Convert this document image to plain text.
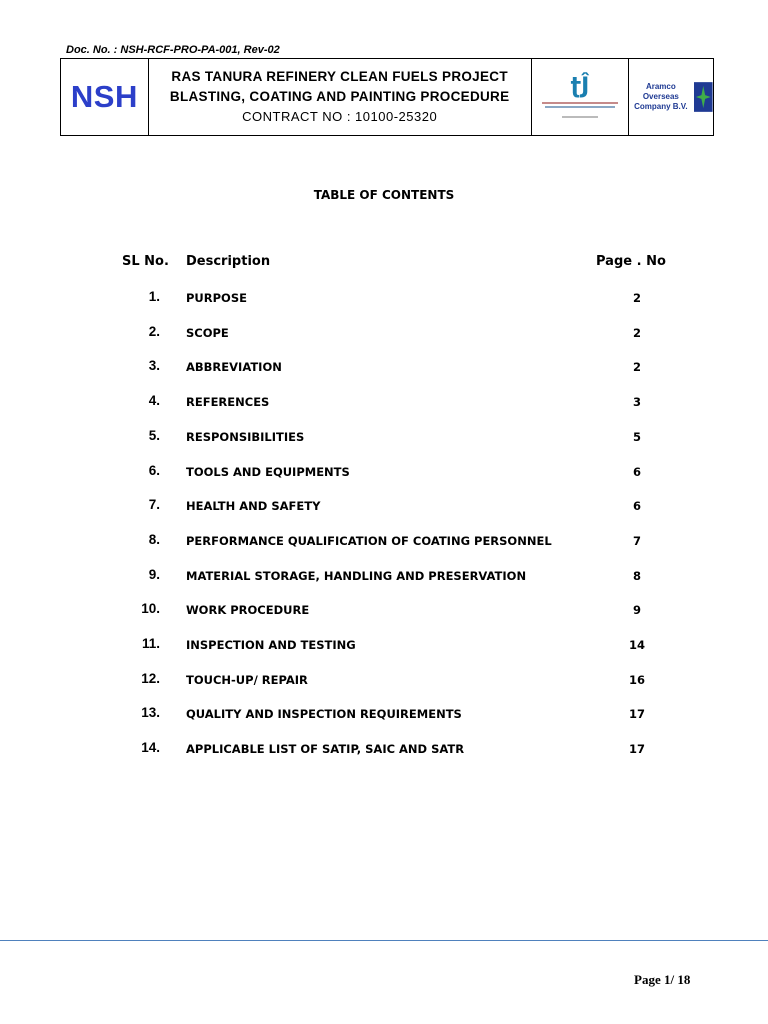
Doc. No. : NSH-RCF-PRO-PA-001, Rev-02
NSH
RAS TANURA REFINERY CLEAN FUELS PROJECT
BLASTING, COATING AND PAINTING PROCEDURE
CONTRACT NO : 10100-25320
ʈĴ	Aramco Overseas
Company B.V.
TABLE OF CONTENTS
SL No. Description	Page . No
1. PURPOSE	2
2. SCOPE	2
3. ABBREVIATION	2
4. REFERENCES	3
5. RESPONSIBILITIES	5
6. TOOLS AND EQUIPMENTS	6
7. HEALTH AND SAFETY	6
8. PERFORMANCE QUALIFICATION OF COATING PERSONNEL	7
9. MATERIAL STORAGE, HANDLING AND PRESERVATION	8
10. WORK PROCEDURE	9
11. INSPECTION AND TESTING	14
12. TOUCH-UP/ REPAIR	16
13. QUALITY AND INSPECTION REQUIREMENTS	17
14. APPLICABLE LIST OF SATIP, SAIC AND SATR	17
Page 1/ 18
